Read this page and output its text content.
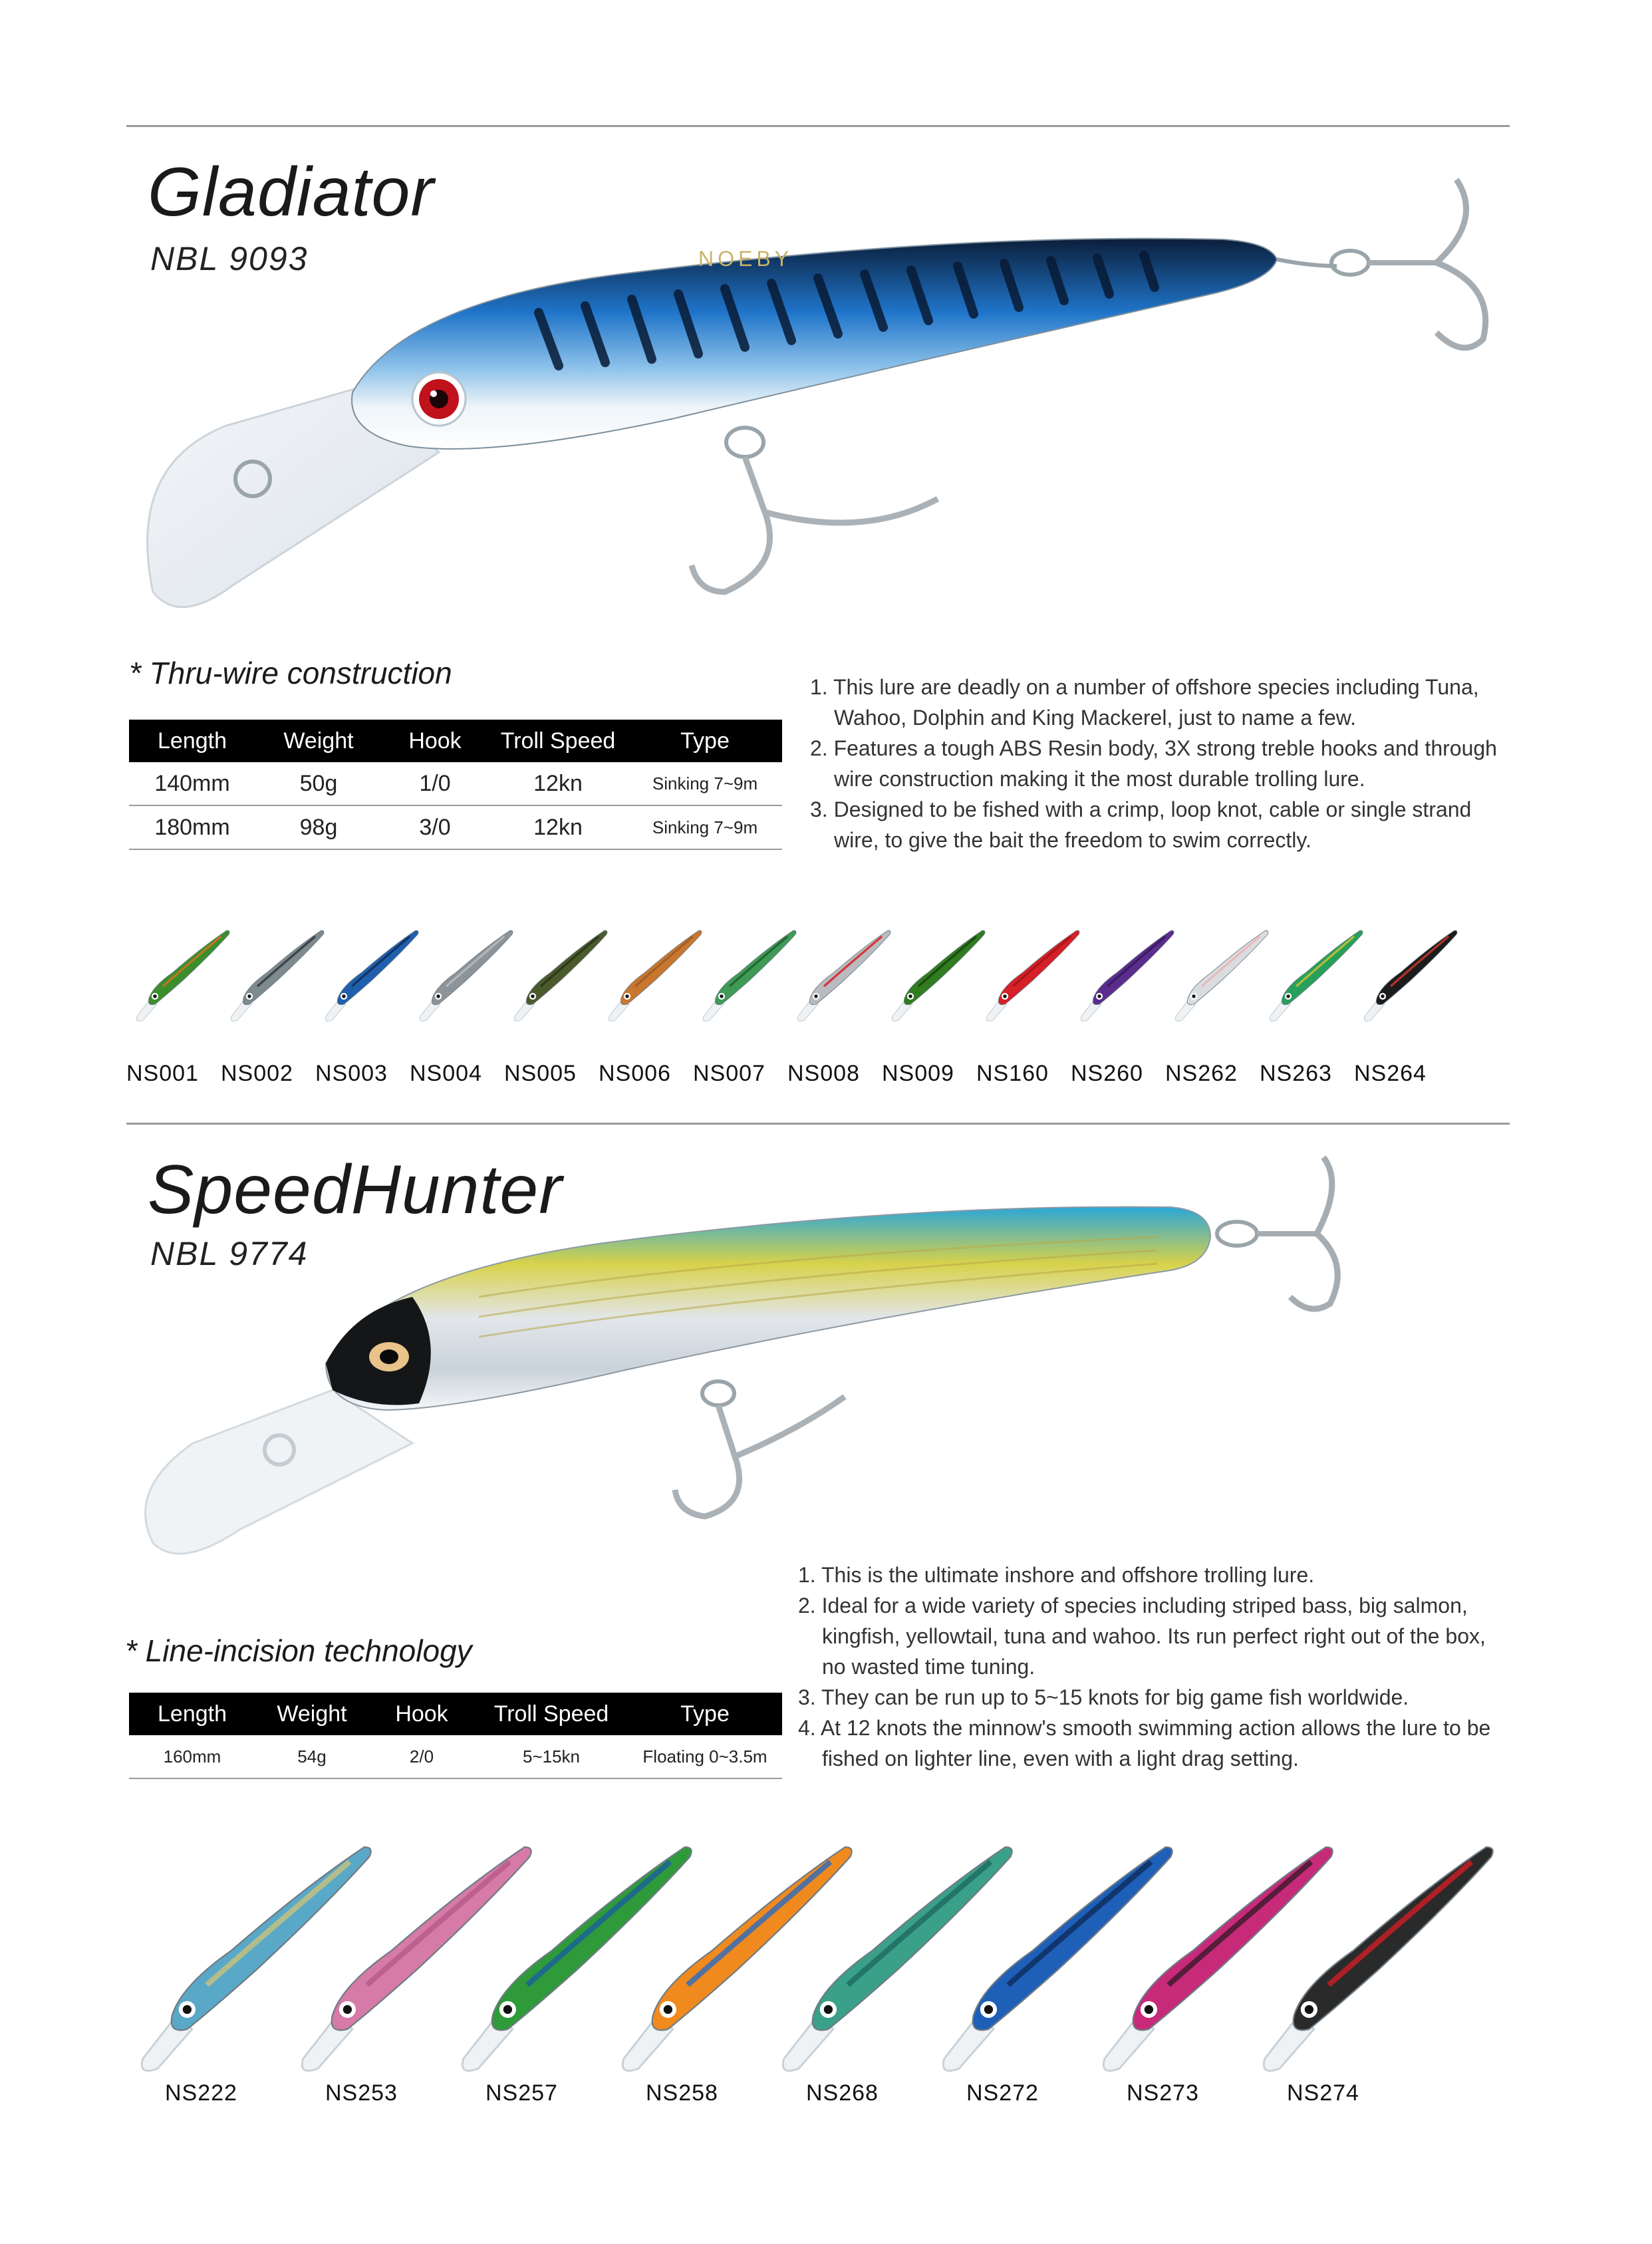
Gladiator
NBL 9093	NOEBY
* Thru-wire construction
Length	Weight	Hook	Troll Speed	Type
140mm	50g	1/0	12kn	Sinking 7~9m
180mm	98g	3/0	12kn	Sinking 7~9m
1. This lure are deadly on a number of offshore species including Tuna, Wahoo, Dolphin and King Mackerel, just to name a few.
2. Features a tough ABS Resin body, 3X strong treble hooks and through wire construction making it the most durable trolling lure.
3. Designed to be fished with a crimp, loop knot, cable or single strand wire, to give the bait the freedom to swim correctly.
NS001 NS002 NS003 NS004 NS005 NS006 NS007 NS008 NS009 NS160 NS260 NS262 NS263 NS264
SpeedHunter
NBL 9774
1. This is the ultimate inshore and offshore trolling lure.
2. Ideal for a wide variety of species including striped bass, big salmon, kingfish, yellowtail, tuna and wahoo. Its run perfect right out of the box, no wasted time tuning.
3. They can be run up to 5~15 knots for big game fish worldwide.
4. At 12 knots the minnow's smooth swimming action allows the lure to be fished on lighter line, even with a light drag setting.
* Line-incision technology
Length	Weight	Hook	Troll Speed	Type
160mm	54g	2/0	5~15kn	Floating 0~3.5m
NS222	NS253	NS257	NS258	NS268	NS272	NS273	NS274
